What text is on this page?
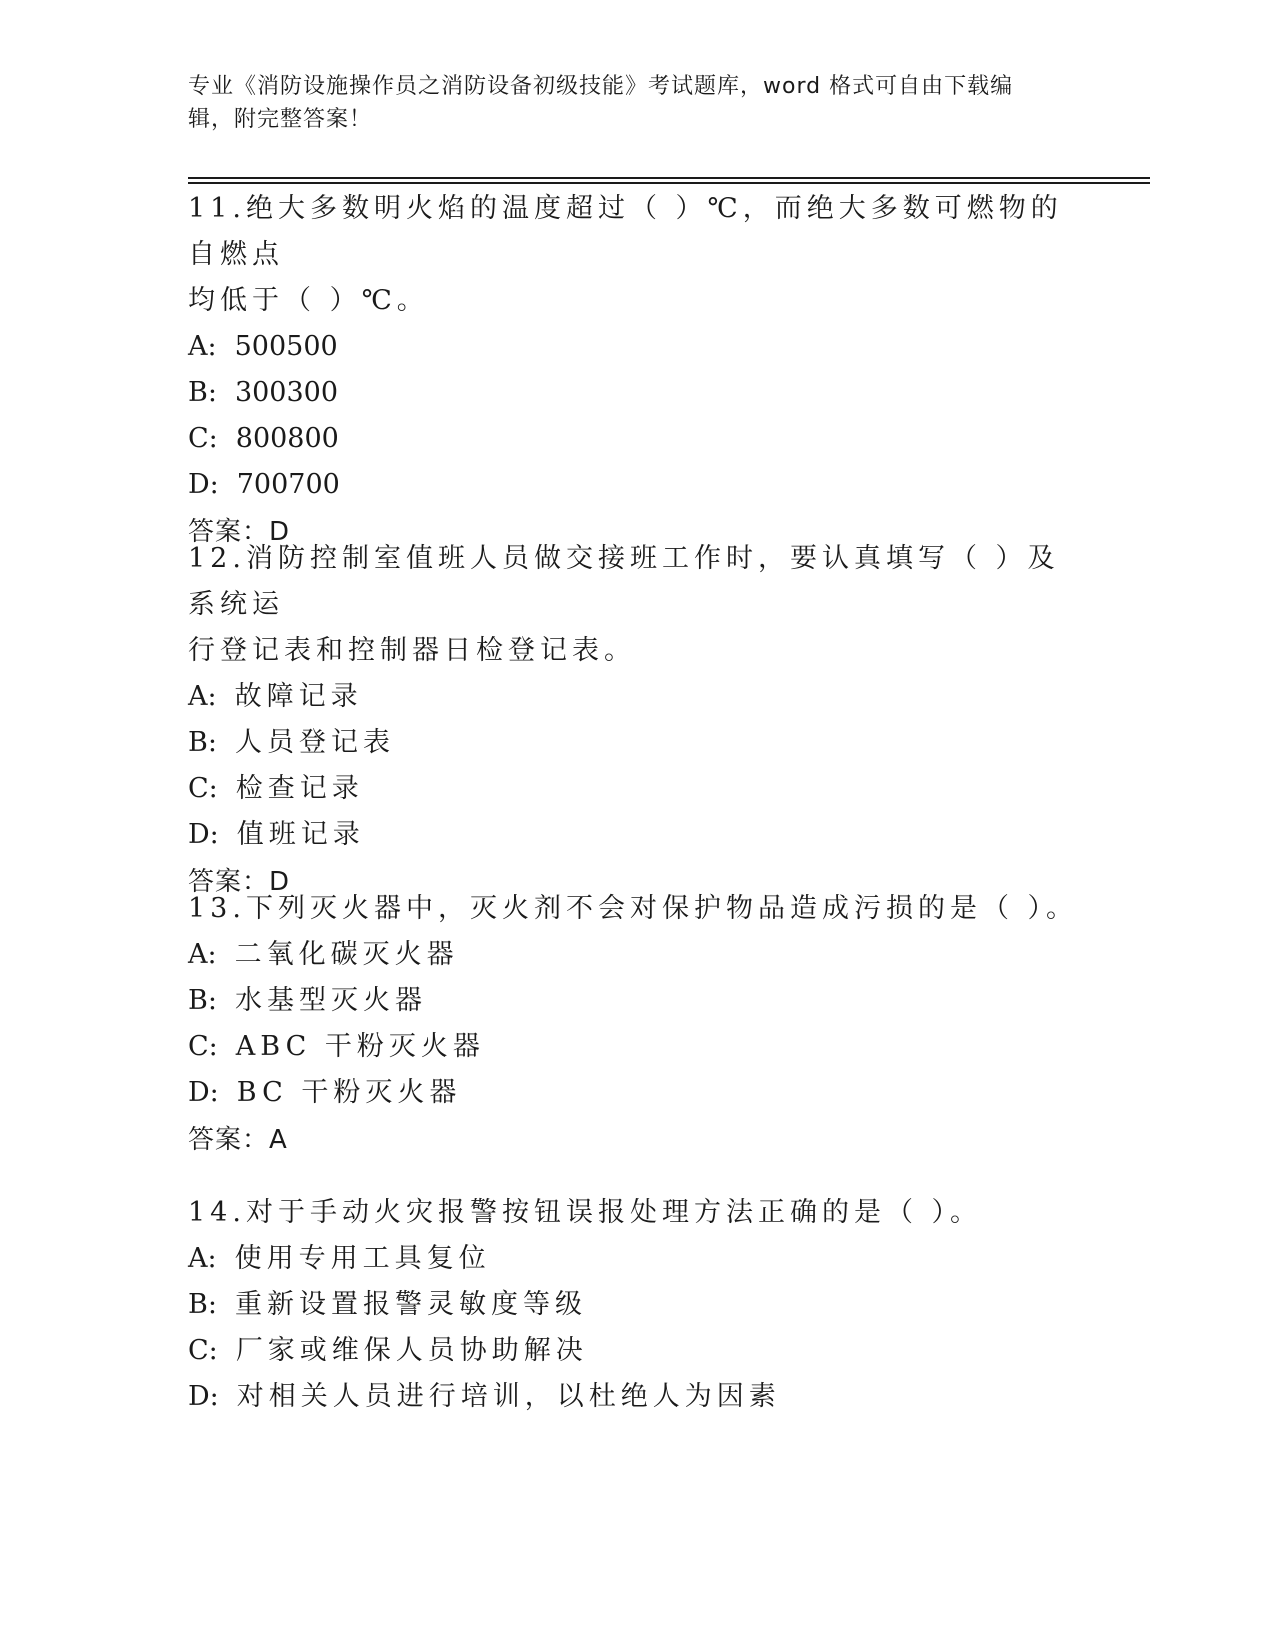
专业《消防设施操作员之消防设备初级技能》考试题库，word 格式可自由下载编
辑，附完整答案！
11.绝大多数明火焰的温度超过（ ）℃，而绝大多数可燃物的自燃点
均低于（ ）℃。
A: 500500
B: 300300
C: 800800
D: 700700
答案：D
12.消防控制室值班人员做交接班工作时，要认真填写（ ）及系统运
行登记表和控制器日检登记表。
A: 故障记录
B: 人员登记表
C: 检查记录
D: 值班记录
答案：D
13.下列灭火器中，灭火剂不会对保护物品造成污损的是（ ）。
A: 二氧化碳灭火器
B: 水基型灭火器
C: ABC 干粉灭火器
D: BC 干粉灭火器
答案：A
14.对于手动火灾报警按钮误报处理方法正确的是（ ）。
A: 使用专用工具复位
B: 重新设置报警灵敏度等级
C: 厂家或维保人员协助解决
D: 对相关人员进行培训，以杜绝人为因素
